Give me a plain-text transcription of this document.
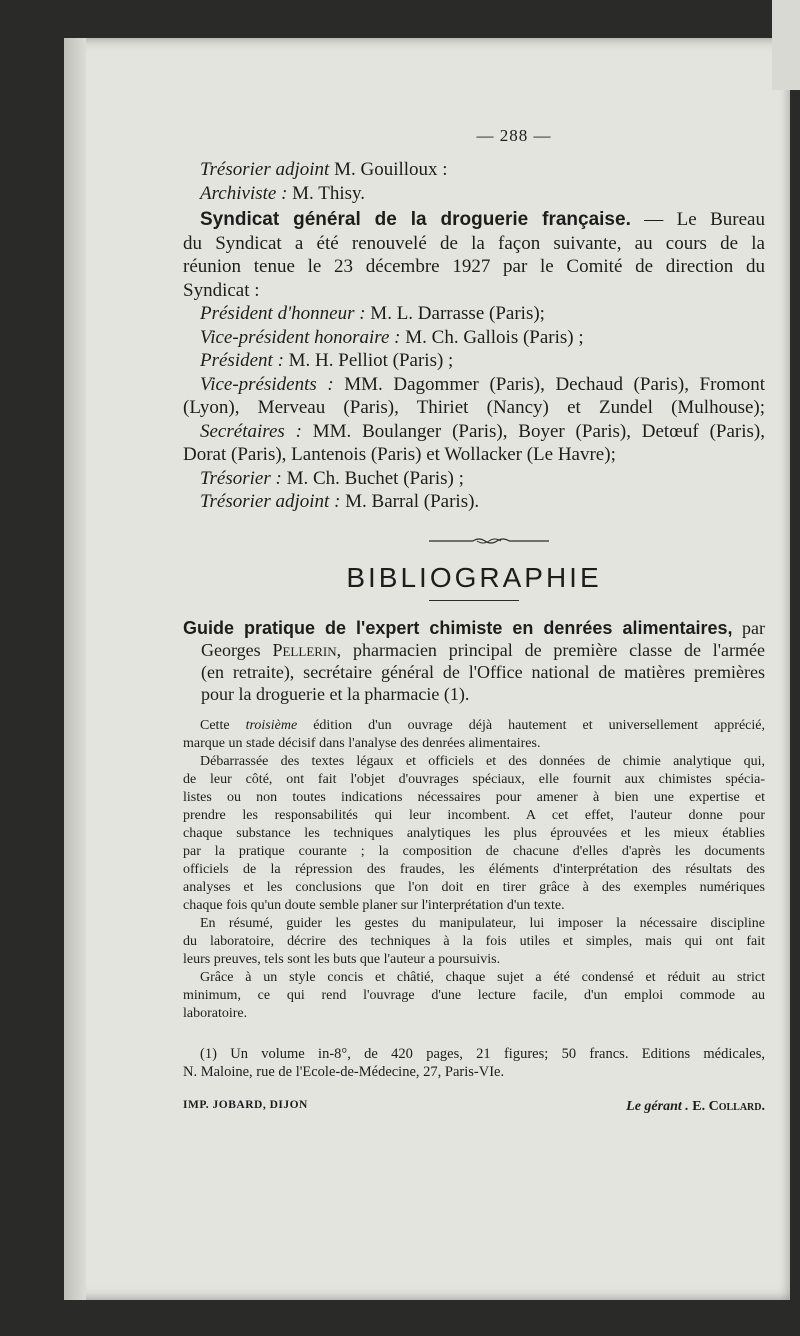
— 288 —
Trésorier adjoint M. Gouilloux :
Archiviste : M. Thisy.
Syndicat général de la droguerie française. — Le Bureau
du Syndicat a été renouvelé de la façon suivante, au cours de la
réunion tenue le 23 décembre 1927 par le Comité de direction du
Syndicat :
Président d'honneur : M. L. Darrasse (Paris);
Vice-président honoraire : M. Ch. Gallois (Paris) ;
Président : M. H. Pelliot (Paris) ;
Vice-présidents : MM. Dagommer (Paris), Dechaud (Paris), Fromont
(Lyon), Merveau (Paris), Thiriet (Nancy) et Zundel (Mulhouse);
Secrétaires : MM. Boulanger (Paris), Boyer (Paris), Detœuf (Paris),
Dorat (Paris), Lantenois (Paris) et Wollacker (Le Havre);
Trésorier : M. Ch. Buchet (Paris) ;
Trésorier adjoint : M. Barral (Paris).
BIBLIOGRAPHIE
Guide pratique de l'expert chimiste en denrées alimentaires, par
Georges Pellerin, pharmacien principal de première classe de l'armée
(en retraite), secrétaire général de l'Office national de matières premières
pour la droguerie et la pharmacie (1).
Cette troisième édition d'un ouvrage déjà hautement et universellement apprécié,
marque un stade décisif dans l'analyse des denrées alimentaires.
Débarrassée des textes légaux et officiels et des données de chimie analytique qui,
de leur côté, ont fait l'objet d'ouvrages spéciaux, elle fournit aux chimistes spécia-
listes ou non toutes indications nécessaires pour amener à bien une expertise et
prendre les responsabilités qui leur incombent. A cet effet, l'auteur donne pour
chaque substance les techniques analytiques les plus éprouvées et les mieux établies
par la pratique courante ; la composition de chacune d'elles d'après les documents
officiels de la répression des fraudes, les éléments d'interprétation des résultats des
analyses et les conclusions que l'on doit en tirer grâce à des exemples numériques
chaque fois qu'un doute semble planer sur l'interprétation d'un texte.
En résumé, guider les gestes du manipulateur, lui imposer la nécessaire discipline
du laboratoire, décrire des techniques à la fois utiles et simples, mais qui ont fait
leurs preuves, tels sont les buts que l'auteur a poursuivis.
Grâce à un style concis et châtié, chaque sujet a été condensé et réduit au strict
minimum, ce qui rend l'ouvrage d'une lecture facile, d'un emploi commode au
laboratoire.
(1) Un volume in-8°, de 420 pages, 21 figures; 50 francs. Editions médicales,
N. Maloine, rue de l'Ecole-de-Médecine, 27, Paris-VIe.
IMP. JOBARD, DIJON	Le gérant . E. Collard.
